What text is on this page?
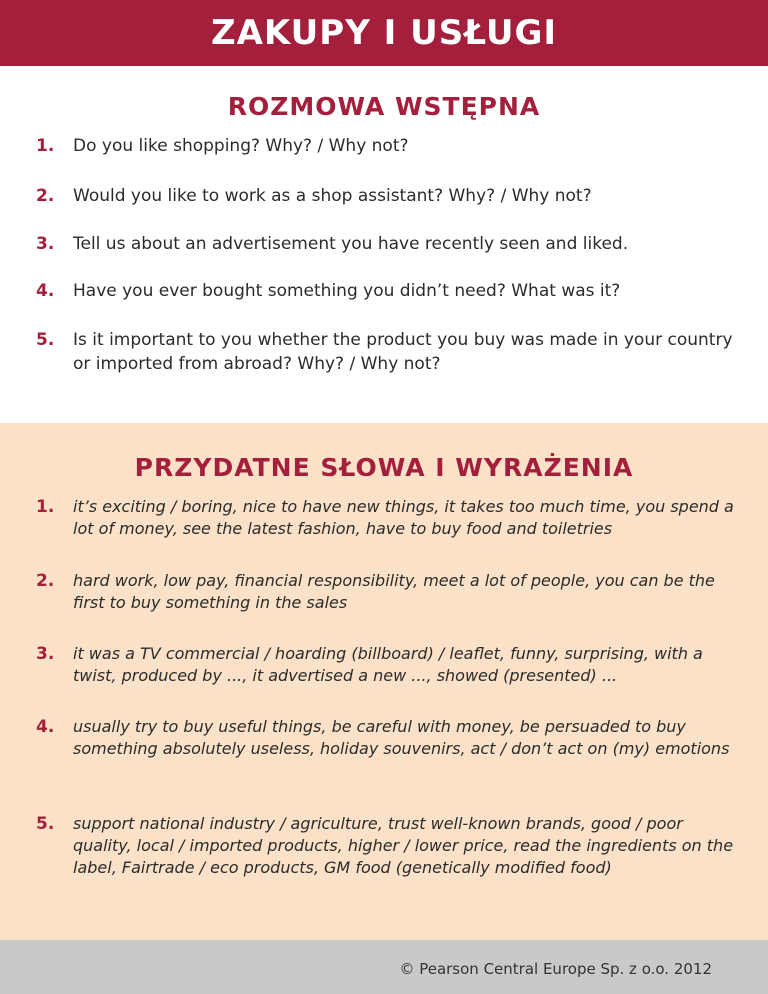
ZAKUPY I USŁUGI
ROZMOWA WSTĘPNA
1.	Do you like shopping? Why? / Why not?
2.	Would you like to work as a shop assistant? Why? / Why not?
3.	Tell us about an advertisement you have recently seen and liked.
4.	Have you ever bought something you didn’t need? What was it?
5.	Is it important to you whether the product you buy was made in your country or imported from abroad? Why? / Why not?
PRZYDATNE SŁOWA I WYRAŻENIA
1.	it’s exciting / boring, nice to have new things, it takes too much time, you spend a lot of money, see the latest fashion, have to buy food and toiletries
2.	hard work, low pay, financial responsibility, meet a lot of people, you can be the first to buy something in the sales
3.	it was a TV commercial / hoarding (billboard) / leaflet, funny, surprising, with a twist, produced by ..., it advertised a new ..., showed (presented) ...
4.	usually try to buy useful things, be careful with money, be persuaded to buy something absolutely useless, holiday souvenirs, act / don’t act on (my) emotions
5.	support national industry / agriculture, trust well-known brands, good / poor quality, local / imported products, higher / lower price, read the ingredients on the label, Fairtrade / eco products, GM food (genetically modified food)
© Pearson Central Europe Sp. z o.o. 2012
